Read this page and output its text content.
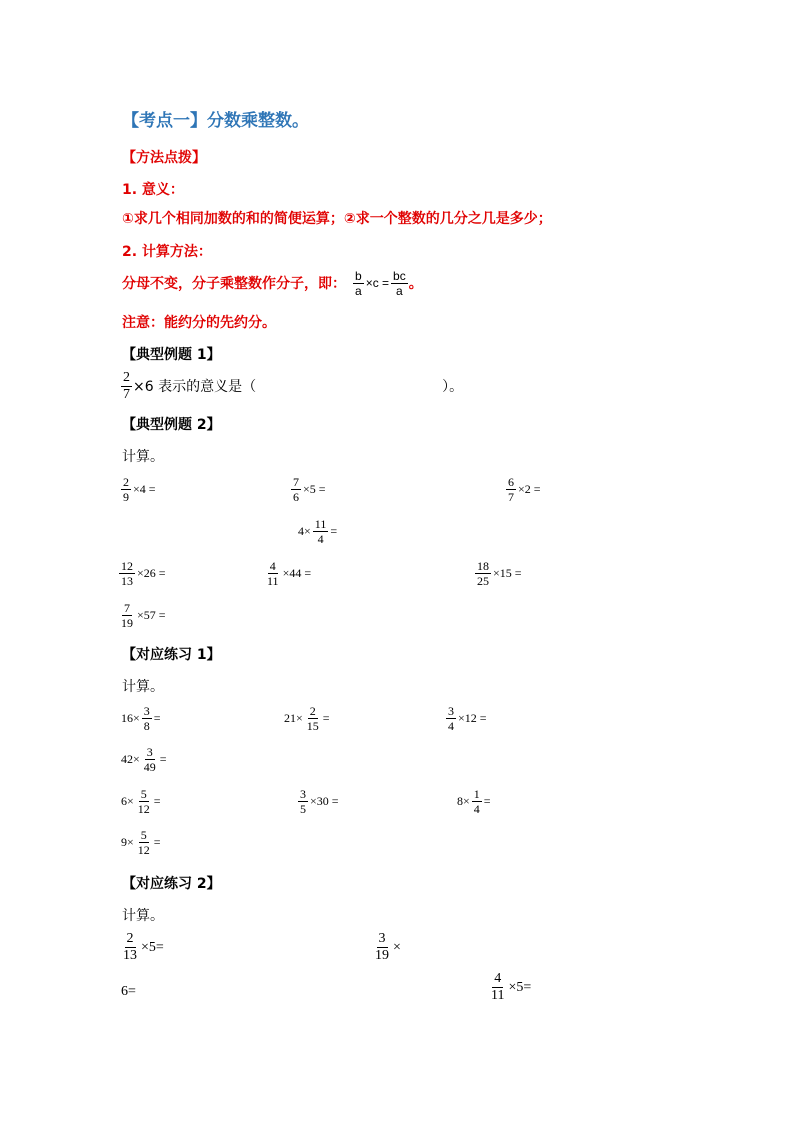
【考点一】分数乘整数。
【方法点拨】
1. 意义：
①求几个相同加数的和的简便运算；②求一个整数的几分之几是多少；
2. 计算方法：
分母不变，分子乘整数作分子，即： $\frac{b}{a} \times c = \frac{bc}{a}$ 。
注意：能约分的先约分。
【典型例题 1】
$\frac{2}{7} \times 6$ 表示的意义是（	）。
【典型例题 2】
计算。
$\frac{2}{9} \times 4$ =	$\frac{7}{6} \times 5$ =	$\frac{6}{7} \times 2$ =
$4\times \frac{11}{4}$ =
$\frac{12}{13} \times 26$ =	$\frac{4}{11} \times 44$ =	$\frac{18}{25} \times 15$ =
$\frac{7}{19} \times 57$ =
【对应练习 1】
计算。
$16\times \frac{3}{8}$ =	$21\times \frac{2}{15}$ =	$\frac{3}{4} \times 12$ =
$42\times \frac{3}{49}$ =
$6\times \frac{5}{12}$ =	$\frac{3}{5} \times 30$ =	$8\times \frac{1}{4}$ =
$9\times \frac{5}{12}$ =
【对应练习 2】
计算。
$\frac{2}{13} \times 5=$	$\frac{3}{19}$ ×
6=	$\frac{4}{11} \times 5=$
